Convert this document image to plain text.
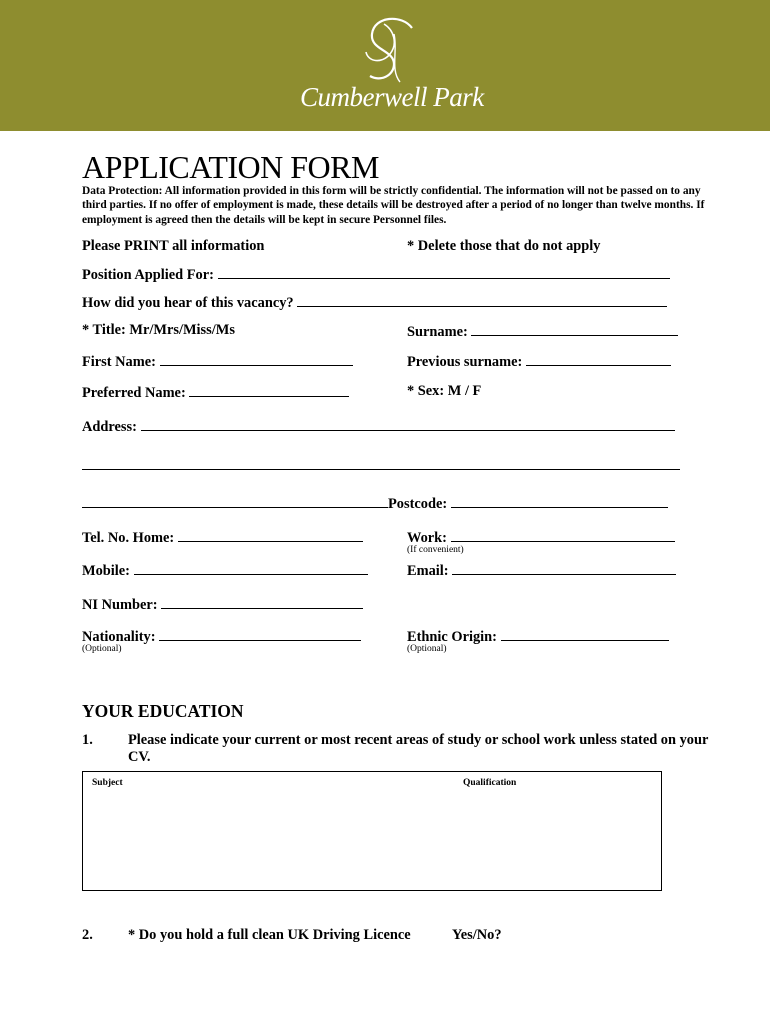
Cumberwell Park
APPLICATION FORM
Data Protection: All information provided in this form will be strictly confidential. The information will not be passed on to any third parties. If no offer of employment is made, these details will be destroyed after a period of no longer than twelve months. If employment is agreed then the details will be kept in secure Personnel files.
Please PRINT all information	* Delete those that do not apply
Position Applied For:
How did you hear of this vacancy?
* Title: Mr/Mrs/Miss/Ms	Surname:
First Name:	Previous surname:
Preferred Name:	* Sex: M / F
Address:
Postcode:
Tel. No. Home:	Work:
(If convenient)
Mobile:	Email:
NI Number:
Nationality:	Ethnic Origin:
(Optional)	(Optional)
YOUR EDUCATION
1. Please indicate your current or most recent areas of study or school work unless stated on your CV.
Subject	Qualification
2. * Do you hold a full clean UK Driving Licence	Yes/No?
